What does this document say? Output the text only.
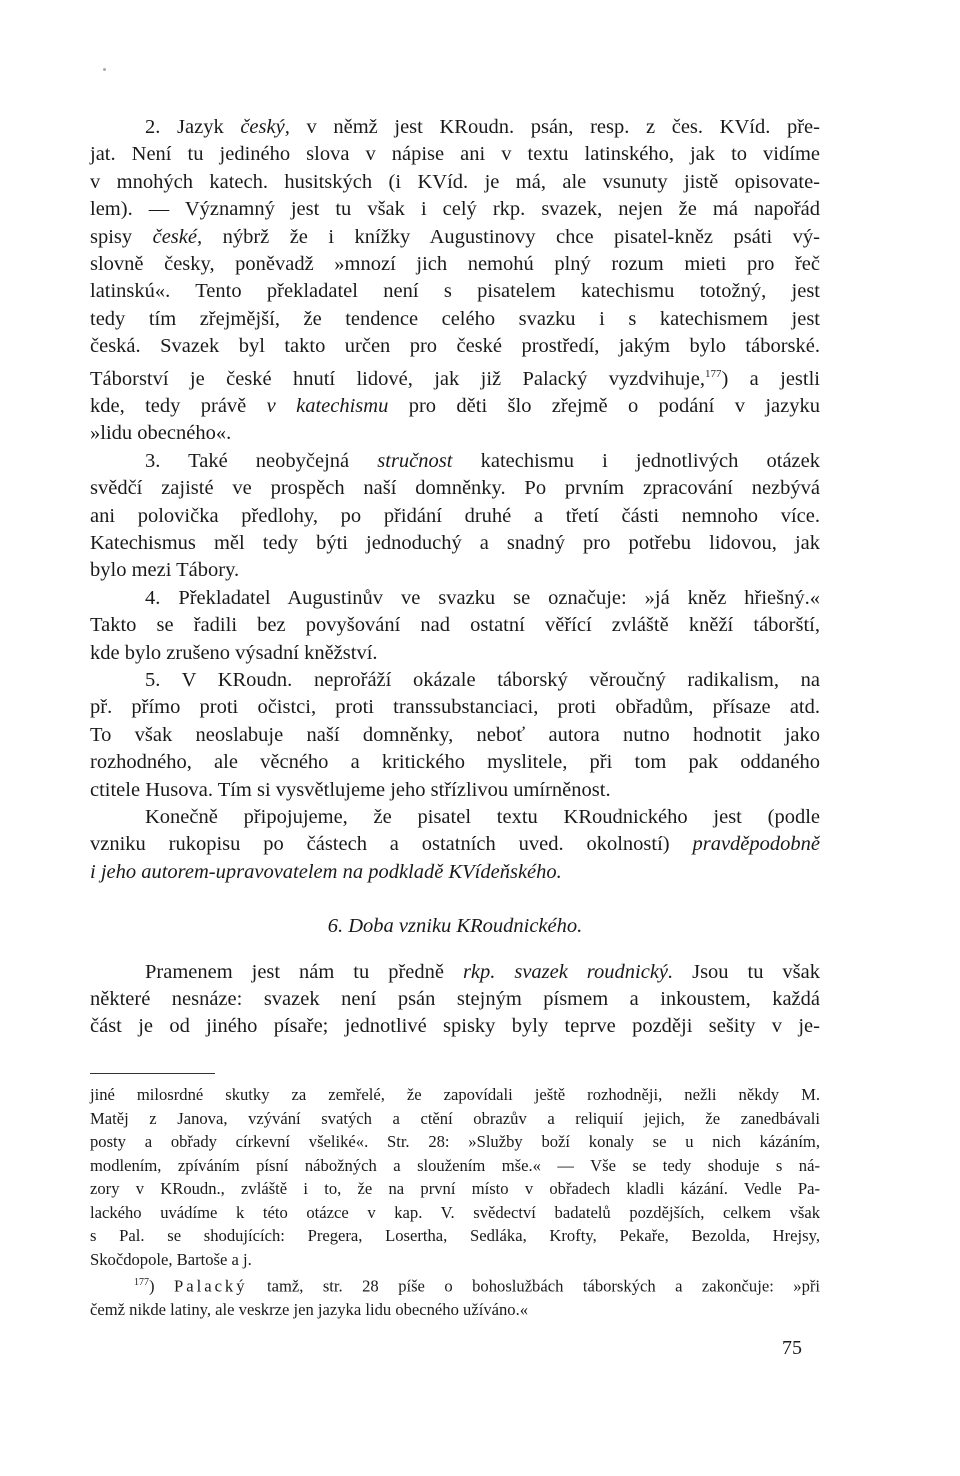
2. Jazyk český, v němž jest KRoudn. psán, resp. z čes. KVíd. pře-
jat. Není tu jediného slova v nápise ani v textu latinského, jak to vidíme
v mnohých katech. husitských (i KVíd. je má, ale vsunuty jistě opisovate-
lem). — Významný jest tu však i celý rkp. svazek, nejen že má napořád
spisy české, nýbrž že i knížky Augustinovy chce pisatel-kněz psáti vý-
slovně česky, poněvadž »mnozí jich nemohú plný rozum mieti pro řeč
latinskú«. Tento překladatel není s pisatelem katechismu totožný, jest
tedy tím zřejmější, že tendence celého svazku i s katechismem jest
česká. Svazek byl takto určen pro české prostředí, jakým bylo táborské.
Táborství je české hnutí lidové, jak již Palacký vyzdvihuje,$^{177}$) a jestli
kde, tedy právě v katechismu pro děti šlo zřejmě o podání v jazyku
»lidu obecného«.
3. Také neobyčejná stručnost katechismu i jednotlivých otázek
svědčí zajisté ve prospěch naší domněnky. Po prvním zpracování nezbývá
ani polovička předlohy, po přidání druhé a třetí části nemnoho více.
Katechismus měl tedy býti jednoduchý a snadný pro potřebu lidovou, jak
bylo mezi Tábory.
4. Překladatel Augustinův ve svazku se označuje: »já kněz hřiešný.«
Takto se řadili bez povyšování nad ostatní věřící zvláště kněží táborští,
kde bylo zrušeno výsadní kněžství.
5. V KRoudn. neprořáží okázale táborský věroučný radikalism, na
př. přímo proti očistci, proti transsubstanciaci, proti obřadům, přísaze atd.
To však neoslabuje naší domněnky, neboť autora nutno hodnotit jako
rozhodného, ale věcného a kritického myslitele, při tom pak oddaného
ctitele Husova. Tím si vysvětlujeme jeho střízlivou umírněnost.
Konečně připojujeme, že pisatel textu KRoudnického jest (podle
vzniku rukopisu po částech a ostatních uved. okolností) pravděpodobně
i jeho autorem-upravovatelem na podkladě KVídeňského.
6. Doba vzniku KRoudnického.
Pramenem jest nám tu předně rkp. svazek roudnický. Jsou tu však
některé nesnáze: svazek není psán stejným písmem a inkoustem, každá
část je od jiného písaře; jednotlivé spisky byly teprve později sešity v je-
jiné milosrdné skutky za zemřelé, že zapovídali ještě rozhodněji, nežli někdy M.
Matěj z Janova, vzývání svatých a ctění obrazův a reliquií jejich, že zanedbávali
posty a obřady církevní všeliké«. Str. 28: »Služby boží konaly se u nich kázáním,
modlením, zpíváním písní nábožných a sloužením mše.« — Vše se tedy shoduje s ná-
zory v KRoudn., zvláště i to, že na první místo v obřadech kladli kázání. Vedle Pa-
lackého uvádíme k této otázce v kap. V. svědectví badatelů pozdějších, celkem však
s Pal. se shodujících: Pregera, Losertha, Sedláka, Krofty, Pekaře, Bezolda, Hrejsy,
Skočdopole, Bartoše a j.
$^{177}$) Palacký tamž, str. 28 píše o bohoslužbách táborských a zakončuje: »při
čemž nikde latiny, ale veskrze jen jazyka lidu obecného užíváno.«
75
